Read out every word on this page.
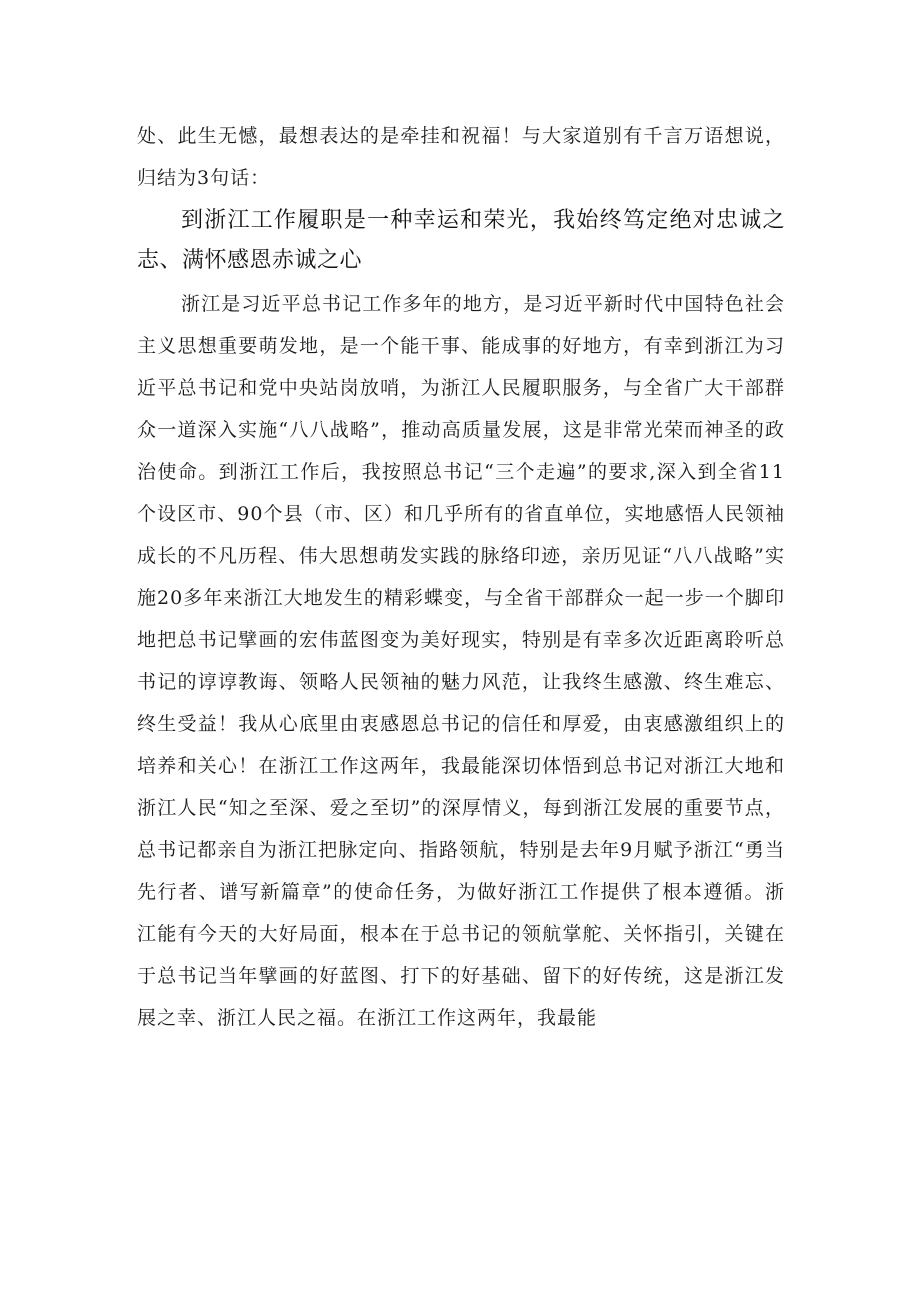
处、此生无憾，最想表达的是牵挂和祝福！与大家道别有千言万语想说，归结为3句话：

到浙江工作履职是一种幸运和荣光，我始终笃定绝对忠诚之志、满怀感恩赤诚之心

浙江是习近平总书记工作多年的地方，是习近平新时代中国特色社会主义思想重要萌发地，是一个能干事、能成事的好地方，有幸到浙江为习近平总书记和党中央站岗放哨，为浙江人民履职服务，与全省广大干部群众一道深入实施“八八战略”，推动高质量发展，这是非常光荣而神圣的政治使命。到浙江工作后，我按照总书记“三个走遍”的要求,深入到全省11个设区市、90个县（市、区）和几乎所有的省直单位，实地感悟人民领袖成长的不凡历程、伟大思想萌发实践的脉络印迹，亲历见证“八八战略”实施20多年来浙江大地发生的精彩蝶变，与全省干部群众一起一步一个脚印地把总书记擘画的宏伟蓝图变为美好现实，特别是有幸多次近距离聆听总书记的谆谆教诲、领略人民领袖的魅力风范，让我终生感激、终生难忘、终生受益！我从心底里由衷感恩总书记的信任和厚爱，由衷感激组织上的培养和关心！在浙江工作这两年，我最能深切体悟到总书记对浙江大地和浙江人民“知之至深、爱之至切”的深厚情义，每到浙江发展的重要节点，总书记都亲自为浙江把脉定向、指路领航，特别是去年9月赋予浙江“勇当先行者、谱写新篇章”的使命任务，为做好浙江工作提供了根本遵循。浙江能有今天的大好局面，根本在于总书记的领航掌舵、关怀指引，关键在于总书记当年擘画的好蓝图、打下的好基础、留下的好传统，这是浙江发展之幸、浙江人民之福。在浙江工作这两年，我最能
